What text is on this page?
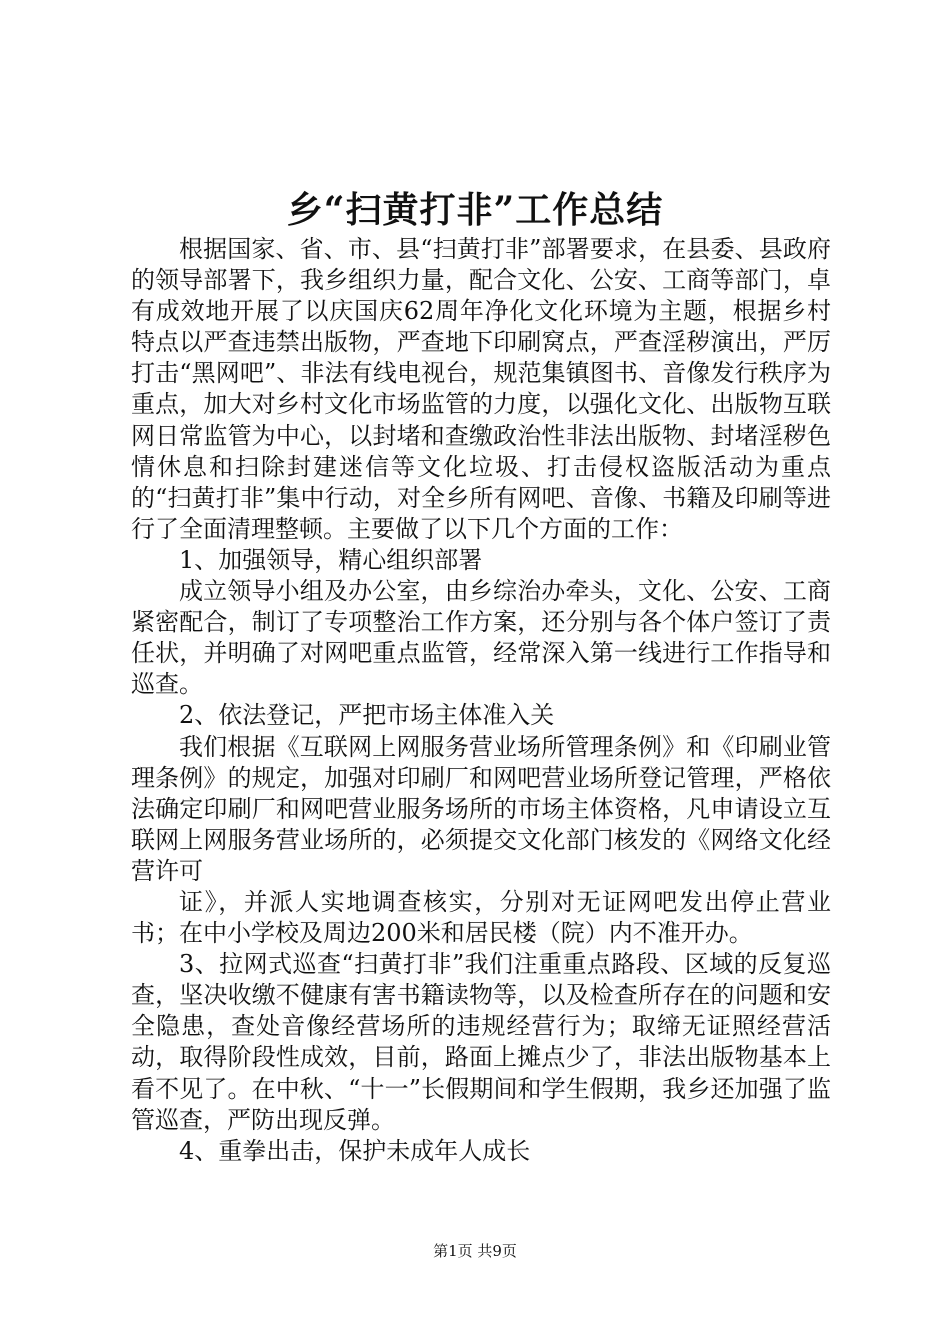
乡“扫黄打非”工作总结

根据国家、省、市、县“扫黄打非”部署要求，在县委、县政府的领导部署下，我乡组织力量，配合文化、公安、工商等部门，卓有成效地开展了以庆国庆62周年净化文化环境为主题，根据乡村特点以严查违禁出版物，严查地下印刷窝点，严查淫秽演出，严厉打击“黑网吧”、非法有线电视台，规范集镇图书、音像发行秩序为重点，加大对乡村文化市场监管的力度，以强化文化、出版物互联网日常监管为中心，以封堵和查缴政治性非法出版物、封堵淫秽色情休息和扫除封建迷信等文化垃圾、打击侵权盗版活动为重点的“扫黄打非”集中行动，对全乡所有网吧、音像、书籍及印刷等进行了全面清理整顿。主要做了以下几个方面的工作：

1、加强领导，精心组织部署

成立领导小组及办公室，由乡综治办牵头，文化、公安、工商紧密配合，制订了专项整治工作方案，还分别与各个体户签订了责任状，并明确了对网吧重点监管，经常深入第一线进行工作指导和巡查。

2、依法登记，严把市场主体准入关

我们根据《互联网上网服务营业场所管理条例》和《印刷业管理条例》的规定，加强对印刷厂和网吧营业场所登记管理，严格依法确定印刷厂和网吧营业服务场所的市场主体资格，凡申请设立互联网上网服务营业场所的，必须提交文化部门核发的《网络文化经营许可

证》，并派人实地调查核实，分别对无证网吧发出停止营业书；在中小学校及周边200米和居民楼（院）内不准开办。

3、拉网式巡查“扫黄打非”我们注重重点路段、区域的反复巡查，坚决收缴不健康有害书籍读物等，以及检查所存在的问题和安全隐患，查处音像经营场所的违规经营行为；取缔无证照经营活动，取得阶段性成效，目前，路面上摊点少了，非法出版物基本上看不见了。在中秋、“十一”长假期间和学生假期，我乡还加强了监管巡查，严防出现反弹。

4、重拳出击，保护未成年人成长

第1页 共9页
